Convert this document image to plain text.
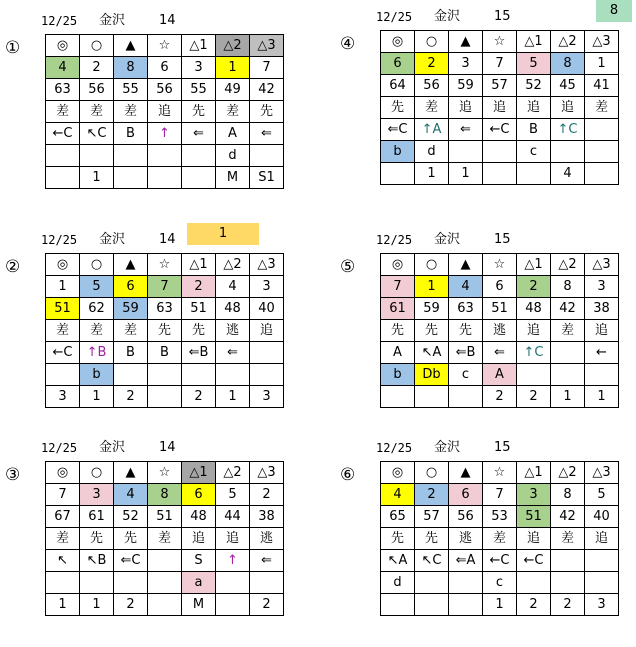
①
12/25 金沢	14
◎	○	▲	☆	△1	△2	△3
4	2	8	6	3	1	7
63	56	55	56	55	49	42
差	差	差	追	先	差	先
←C	↖C	B	↑	⇐	A	⇐
					d	
	1				M	S1
④
12/25 金沢	15	8
◎	○	▲	☆	△1	△2	△3
6	2	3	7	5	8	1
64	56	59	57	52	45	41
先	差	追	追	追	追	差
⇐C	↑A	⇐	←C	B	↑C	
b	d			c		
	1	1			4	
②
12/25 金沢	14	1
◎	○	▲	☆	△1	△2	△3
1	5	6	7	2	4	3
51	62	59	63	51	48	40
差	差	差	先	先	逃	追
←C	↑B	B	B	⇐B	⇐	
	b					
3	1	2		2	1	3
⑤
12/25 金沢	15
◎	○	▲	☆	△1	△2	△3
7	1	4	6	2	8	3
61	59	63	51	48	42	38
先	先	先	逃	追	差	追
A	↖A	⇐B	⇐	↑C		←
b	Db	c	A			
			2	2	1	1
③
12/25 金沢	14
◎	○	▲	☆	△1	△2	△3
7	3	4	8	6	5	2
67	61	52	51	48	44	38
差	先	先	差	追	追	逃
↖	↖B	⇐C		S	↑	⇐
				a		
1	1	2		M		2
⑥
12/25 金沢	15
◎	○	▲	☆	△1	△2	△3
4	2	6	7	3	8	5
65	57	56	53	51	42	40
先	先	逃	差	追	差	追
↖A	↖C	⇐A	←C	←C		
d			c			
			1	2	2	3
